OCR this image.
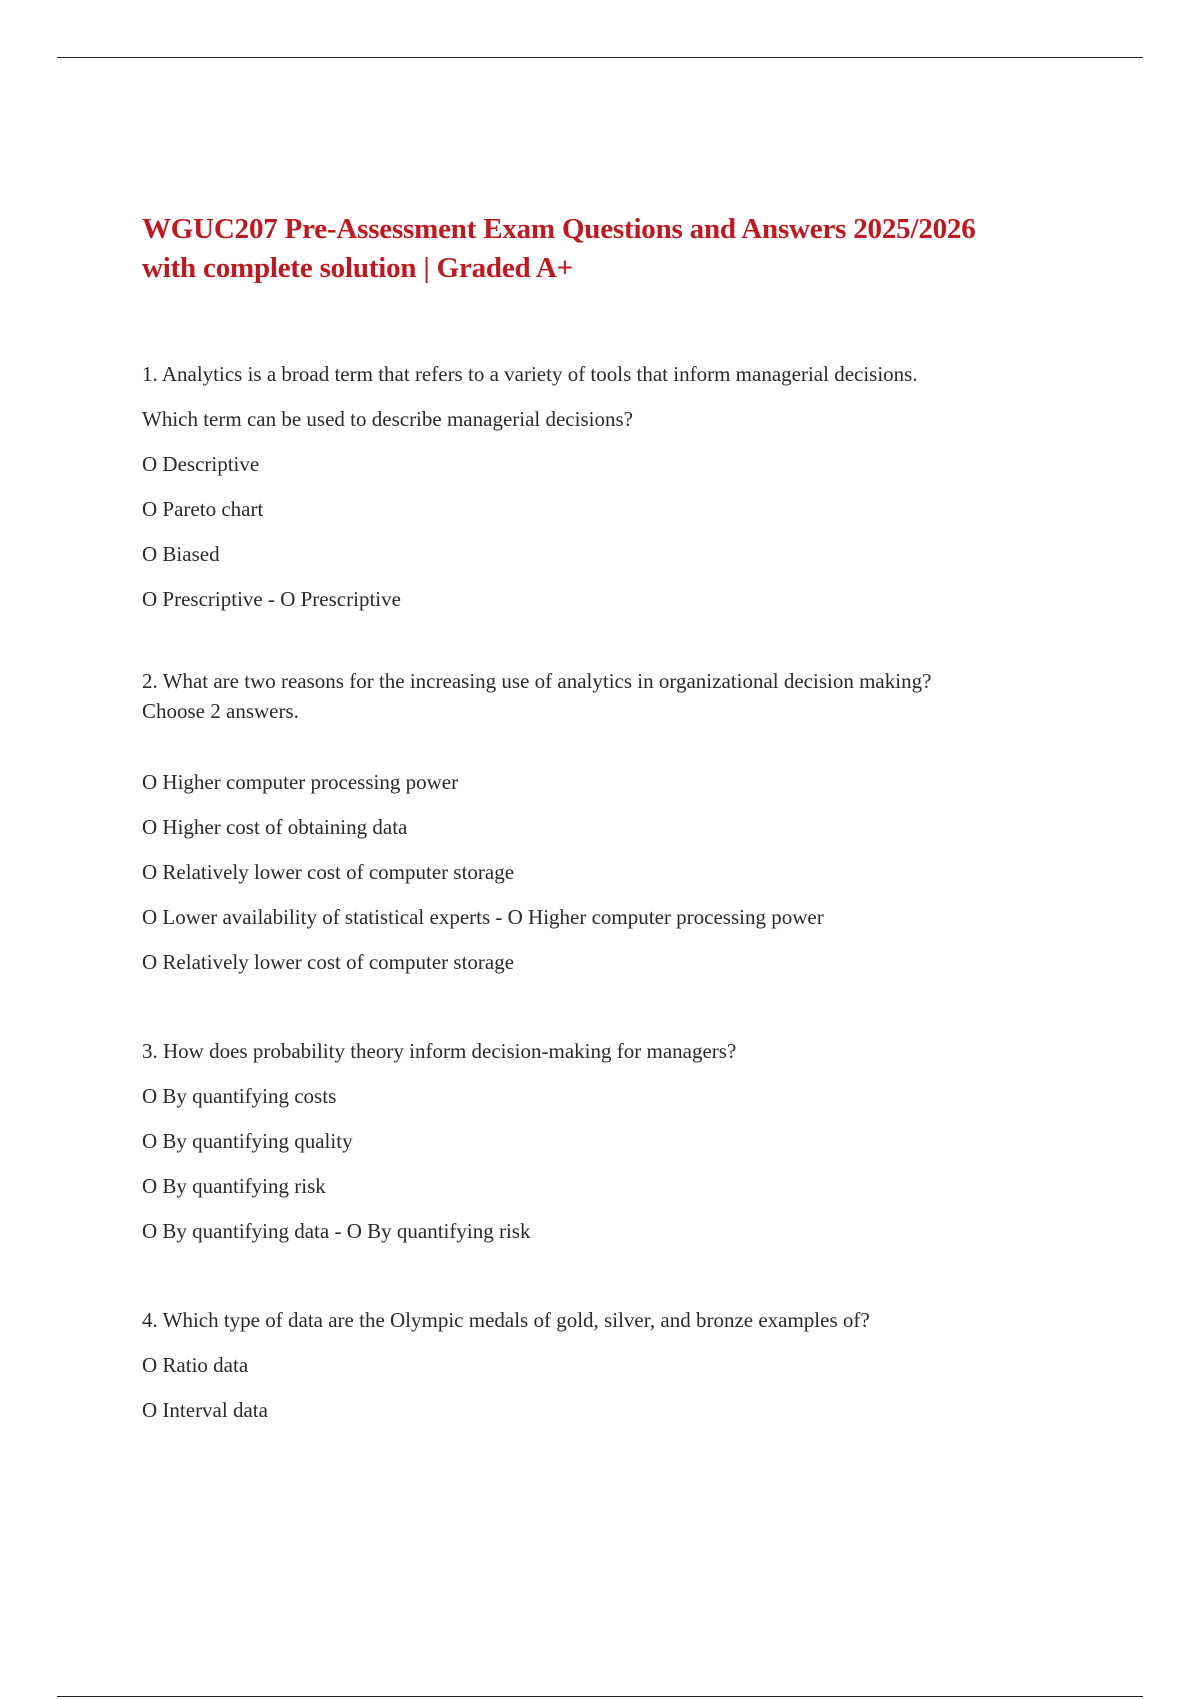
WGUC207 Pre-Assessment Exam Questions and Answers 2025/2026
with complete solution | Graded A+
1. Analytics is a broad term that refers to a variety of tools that inform managerial decisions.
Which term can be used to describe managerial decisions?
O Descriptive
O Pareto chart
O Biased
O Prescriptive - O Prescriptive
2. What are two reasons for the increasing use of analytics in organizational decision making?
Choose 2 answers.
O Higher computer processing power
O Higher cost of obtaining data
O Relatively lower cost of computer storage
O Lower availability of statistical experts - O Higher computer processing power
O Relatively lower cost of computer storage
3. How does probability theory inform decision-making for managers?
O By quantifying costs
O By quantifying quality
O By quantifying risk
O By quantifying data - O By quantifying risk
4. Which type of data are the Olympic medals of gold, silver, and bronze examples of?
O Ratio data
O Interval data
